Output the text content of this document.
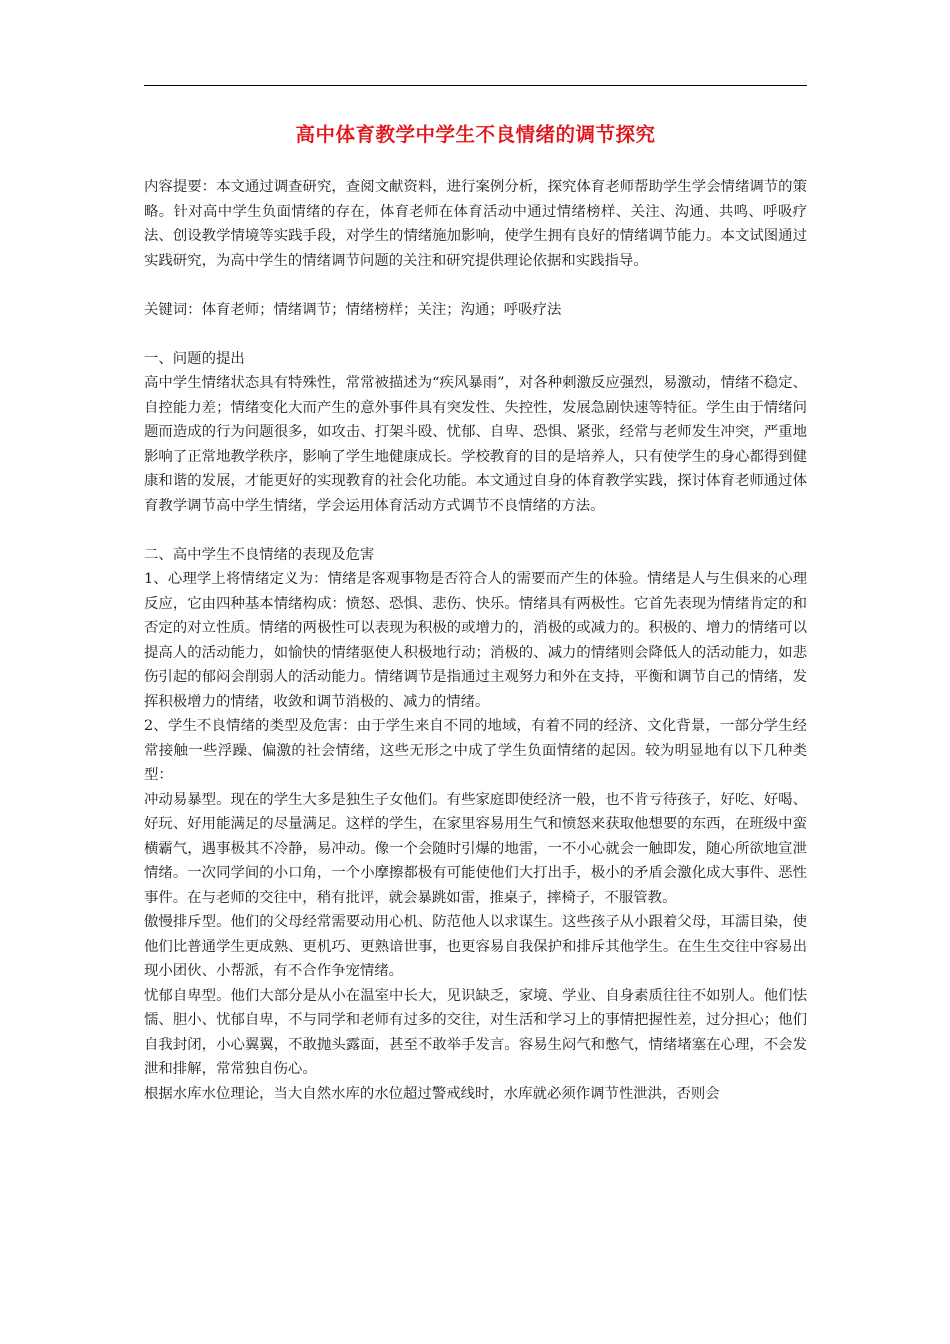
高中体育教学中学生不良情绪的调节探究

内容提要：本文通过调查研究，查阅文献资料，进行案例分析，探究体育老师帮助学生学会情绪调节的策略。针对高中学生负面情绪的存在，体育老师在体育活动中通过情绪榜样、关注、沟通、共鸣、呼吸疗法、创设教学情境等实践手段，对学生的情绪施加影响，使学生拥有良好的情绪调节能力。本文试图通过实践研究，为高中学生的情绪调节问题的关注和研究提供理论依据和实践指导。

关键词：体育老师；情绪调节；情绪榜样；关注；沟通；呼吸疗法

一、问题的提出

高中学生情绪状态具有特殊性，常常被描述为“疾风暴雨”，对各种刺激反应强烈，易激动，情绪不稳定、自控能力差；情绪变化大而产生的意外事件具有突发性、失控性，发展急剧快速等特征。学生由于情绪问题而造成的行为问题很多，如攻击、打架斗殴、忧郁、自卑、恐惧、紧张，经常与老师发生冲突，严重地影响了正常地教学秩序，影响了学生地健康成长。学校教育的目的是培养人，只有使学生的身心都得到健康和谐的发展，才能更好的实现教育的社会化功能。本文通过自身的体育教学实践，探讨体育老师通过体育教学调节高中学生情绪，学会运用体育活动方式调节不良情绪的方法。

二、高中学生不良情绪的表现及危害

1、心理学上将情绪定义为：情绪是客观事物是否符合人的需要而产生的体验。情绪是人与生俱来的心理反应，它由四种基本情绪构成：愤怒、恐惧、悲伤、快乐。情绪具有两极性。它首先表现为情绪肯定的和否定的对立性质。情绪的两极性可以表现为积极的或增力的，消极的或减力的。积极的、增力的情绪可以提高人的活动能力，如愉快的情绪驱使人积极地行动；消极的、减力的情绪则会降低人的活动能力，如悲伤引起的郁闷会削弱人的活动能力。情绪调节是指通过主观努力和外在支持，平衡和调节自己的情绪，发挥积极增力的情绪，收敛和调节消极的、减力的情绪。

2、学生不良情绪的类型及危害：由于学生来自不同的地域，有着不同的经济、文化背景，一部分学生经常接触一些浮躁、偏激的社会情绪，这些无形之中成了学生负面情绪的起因。较为明显地有以下几种类型：

冲动易暴型。现在的学生大多是独生子女他们。有些家庭即使经济一般，也不肯亏待孩子，好吃、好喝、好玩、好用能满足的尽量满足。这样的学生，在家里容易用生气和愤怒来获取他想要的东西，在班级中蛮横霸气，遇事极其不冷静，易冲动。像一个会随时引爆的地雷，一不小心就会一触即发，随心所欲地宣泄情绪。一次同学间的小口角，一个小摩擦都极有可能使他们大打出手，极小的矛盾会激化成大事件、恶性事件。在与老师的交往中，稍有批评，就会暴跳如雷，推桌子，摔椅子，不服管教。

傲慢排斥型。他们的父母经常需要动用心机、防范他人以求谋生。这些孩子从小跟着父母，耳濡目染，使他们比普通学生更成熟、更机巧、更熟谙世事，也更容易自我保护和排斥其他学生。在生生交往中容易出现小团伙、小帮派，有不合作争宠情绪。

忧郁自卑型。他们大部分是从小在温室中长大，见识缺乏，家境、学业、自身素质往往不如别人。他们怯懦、胆小、忧郁自卑，不与同学和老师有过多的交往，对生活和学习上的事情把握性差，过分担心；他们自我封闭，小心翼翼，不敢抛头露面，甚至不敢举手发言。容易生闷气和憋气，情绪堵塞在心理，不会发泄和排解，常常独自伤心。

根据水库水位理论，当大自然水库的水位超过警戒线时，水库就必须作调节性泄洪，否则会
